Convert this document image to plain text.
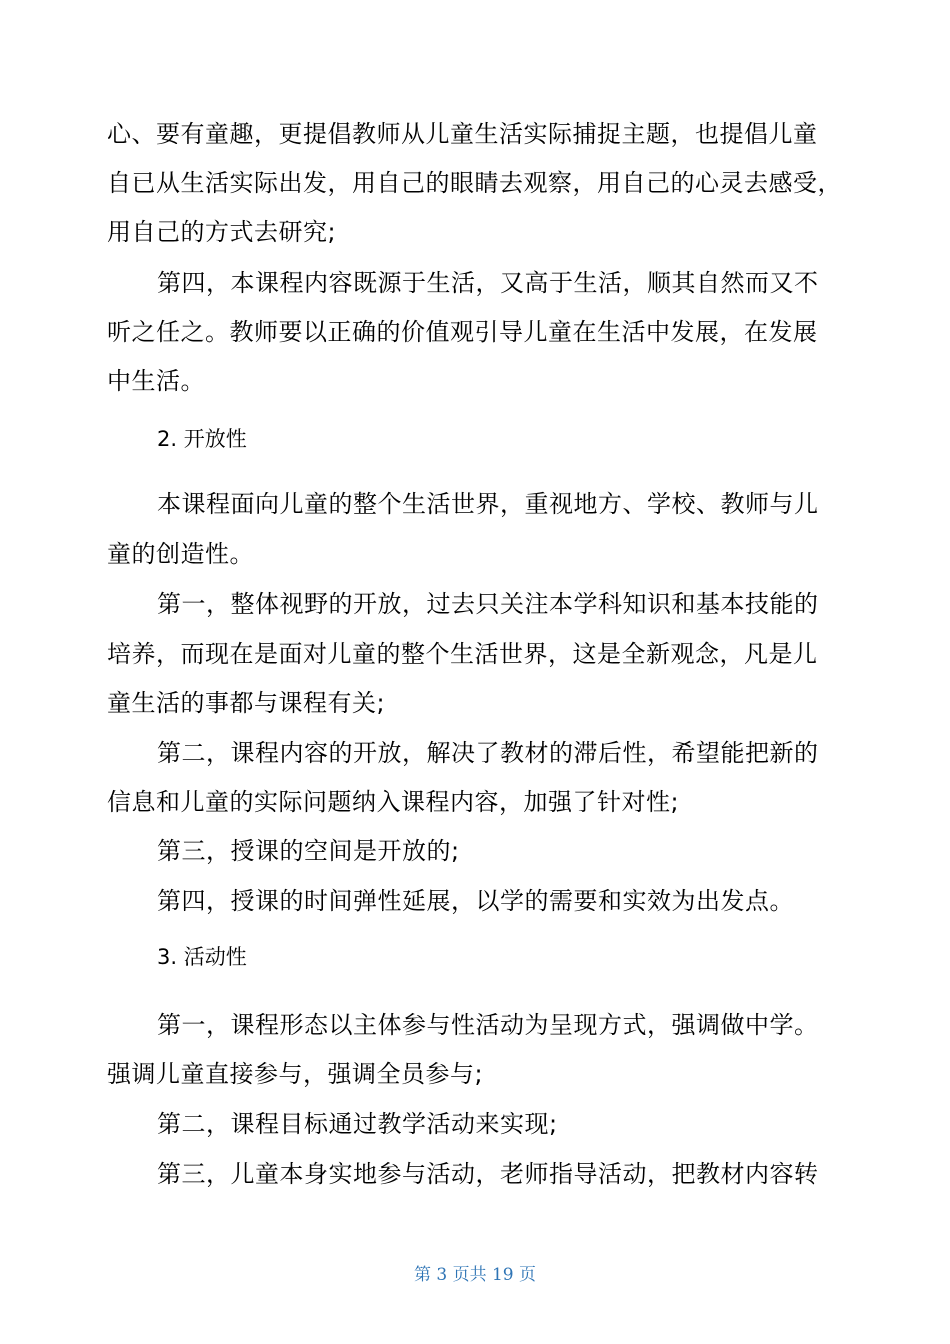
心、要有童趣，更提倡教师从儿童生活实际捕捉主题，也提倡儿童
自已从生活实际出发，用自己的眼睛去观察，用自己的心灵去感受，
用自己的方式去研究;
第四，本课程内容既源于生活，又高于生活，顺其自然而又不
听之任之。教师要以正确的价值观引导儿童在生活中发展，在发展
中生活。
2. 开放性
本课程面向儿童的整个生活世界，重视地方、学校、教师与儿
童的创造性。
第一，整体视野的开放，过去只关注本学科知识和基本技能的
培养，而现在是面对儿童的整个生活世界，这是全新观念，凡是儿
童生活的事都与课程有关;
第二，课程内容的开放，解决了教材的滞后性，希望能把新的
信息和儿童的实际问题纳入课程内容，加强了针对性;
第三，授课的空间是开放的;
第四，授课的时间弹性延展，以学的需要和实效为出发点。
3. 活动性
第一，课程形态以主体参与性活动为呈现方式，强调做中学。
强调儿童直接参与，强调全员参与;
第二，课程目标通过教学活动来实现;
第三，儿童本身实地参与活动，老师指导活动，把教材内容转
第 3 页共 19 页
